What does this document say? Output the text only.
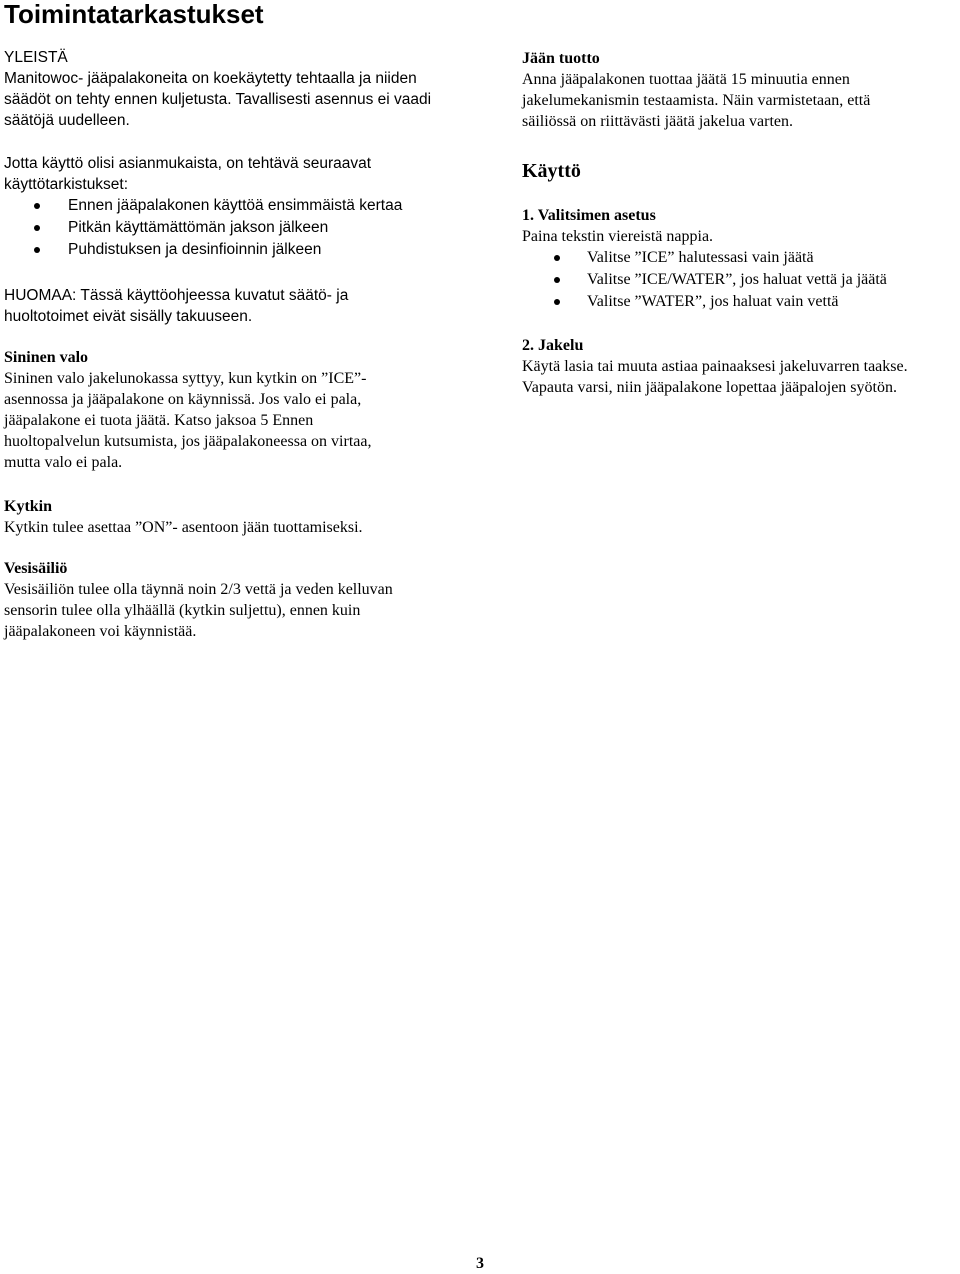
Toimintatarkastukset

YLEISTÄ

Manitowoc- jääpalakoneita on koekäytetty tehtaalla ja niiden

säädöt on tehty ennen kuljetusta. Tavallisesti asennus ei vaadi

säätöjä uudelleen.

Jotta käyttö olisi asianmukaista, on tehtävä seuraavat

käyttötarkistukset:

Ennen jääpalakonen käyttöä ensimmäistä kertaa
Pitkän käyttämättömän jakson jälkeen
Puhdistuksen ja desinfioinnin jälkeen

HUOMAA: Tässä käyttöohjeessa kuvatut säätö- ja

huoltotoimet eivät sisälly takuuseen.

Sininen valo

Sininen valo jakelunokassa syttyy, kun kytkin on ”ICE”-

asennossa ja jääpalakone on käynnissä. Jos valo ei pala,

jääpalakone ei tuota jäätä. Katso jaksoa 5 Ennen

huoltopalvelun kutsumista, jos jääpalakoneessa on virtaa,

mutta valo ei pala.

Kytkin

Kytkin tulee asettaa ”ON”- asentoon jään tuottamiseksi.

Vesisäiliö

Vesisäiliön tulee olla täynnä noin 2/3 vettä ja veden kelluvan

sensorin tulee olla ylhäällä (kytkin suljettu), ennen kuin

jääpalakoneen voi käynnistää.

Jään tuotto

Anna jääpalakonen tuottaa jäätä 15 minuutia ennen

jakelumekanismin testaamista. Näin varmistetaan, että

säiliössä on riittävästi jäätä jakelua varten.

Käyttö

1. Valitsimen asetus

Paina tekstin viereistä nappia.

Valitse ”ICE” halutessasi vain jäätä
Valitse ”ICE/WATER”, jos haluat vettä ja jäätä
Valitse ”WATER”, jos haluat vain vettä

2. Jakelu

Käytä lasia tai muuta astiaa painaaksesi jakeluvarren taakse.

Vapauta varsi, niin jääpalakone lopettaa jääpalojen syötön.

3
